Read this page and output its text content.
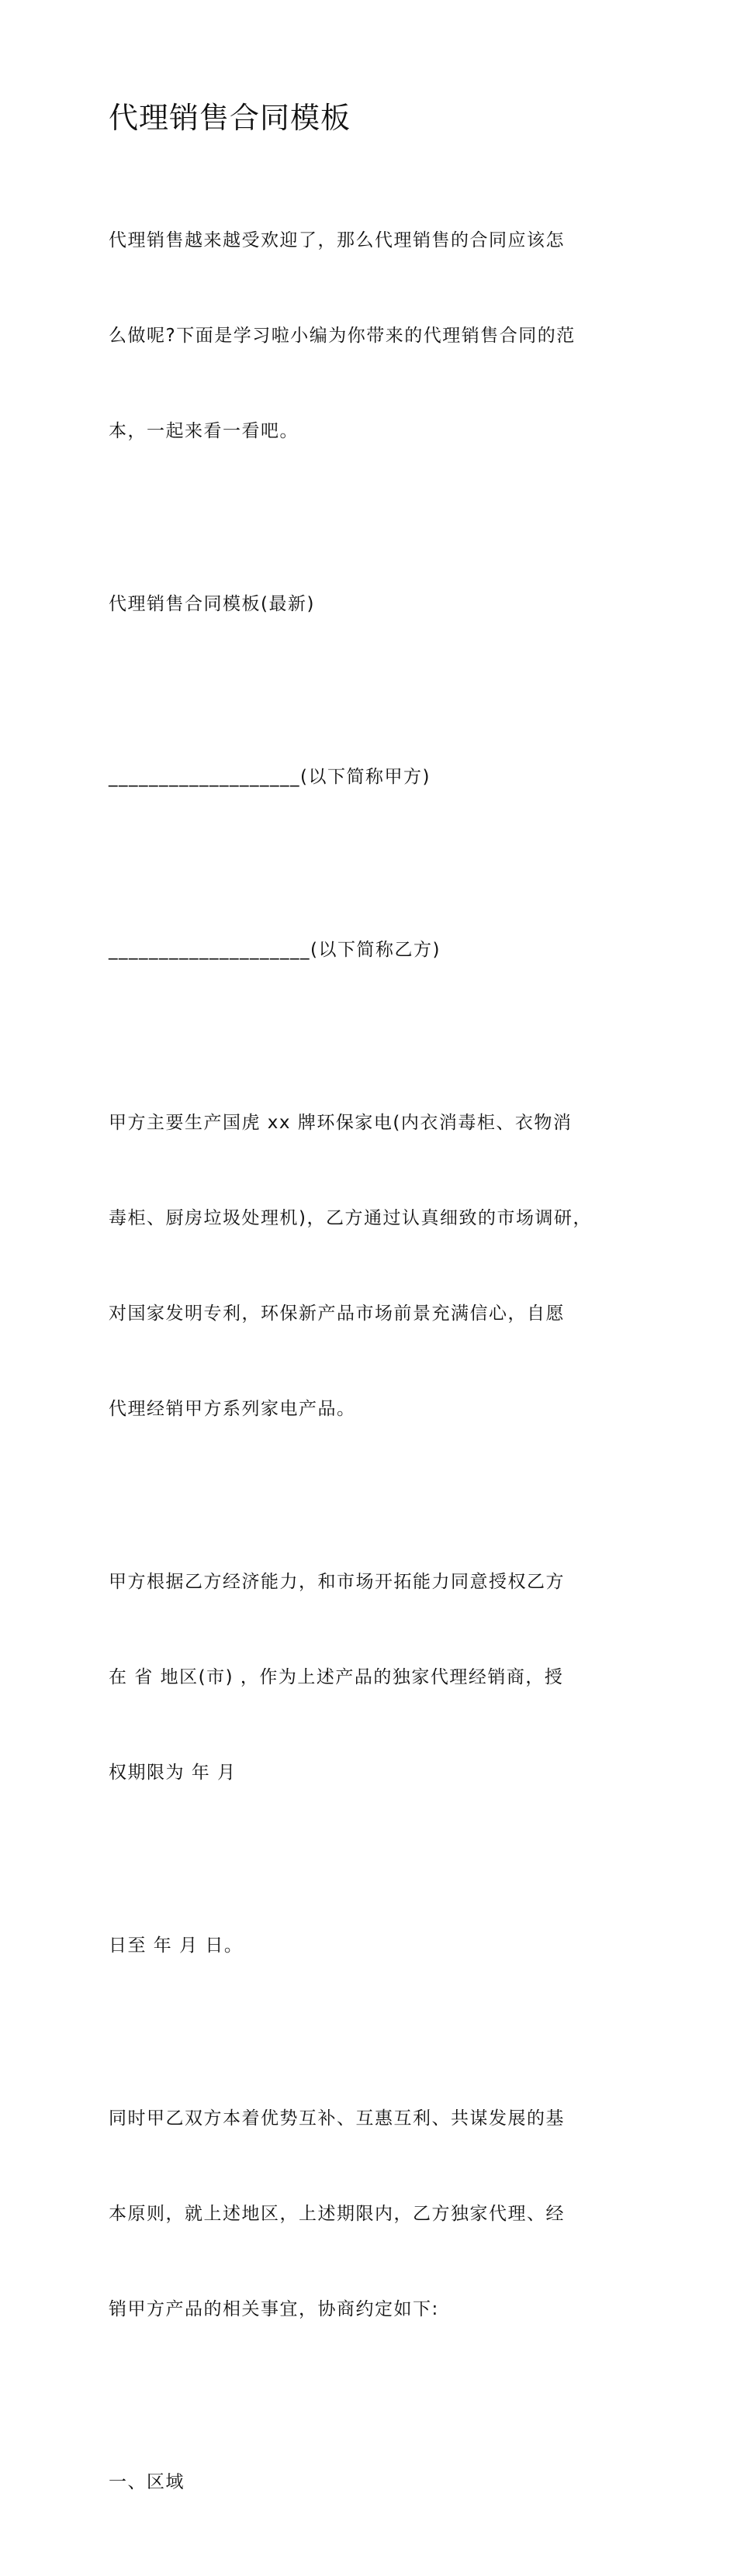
代理销售合同模板

代理销售越来越受欢迎了，那么代理销售的合同应该怎

么做呢?下面是学习啦小编为你带来的代理销售合同的范

本，一起来看一看吧。

代理销售合同模板(最新)

___________________(以下简称甲方)

____________________(以下简称乙方)

甲方主要生产国虎 xx 牌环保家电(内衣消毒柜、衣物消

毒柜、厨房垃圾处理机)，乙方通过认真细致的市场调研，

对国家发明专利，环保新产品市场前景充满信心，自愿

代理经销甲方系列家电产品。

甲方根据乙方经济能力，和市场开拓能力同意授权乙方

在 省 地区(市) ，作为上述产品的独家代理经销商，授

权期限为 年 月

日至 年 月 日。

同时甲乙双方本着优势互补、互惠互利、共谋发展的基

本原则，就上述地区，上述期限内，乙方独家代理、经

销甲方产品的相关事宜，协商约定如下:

一、区域
